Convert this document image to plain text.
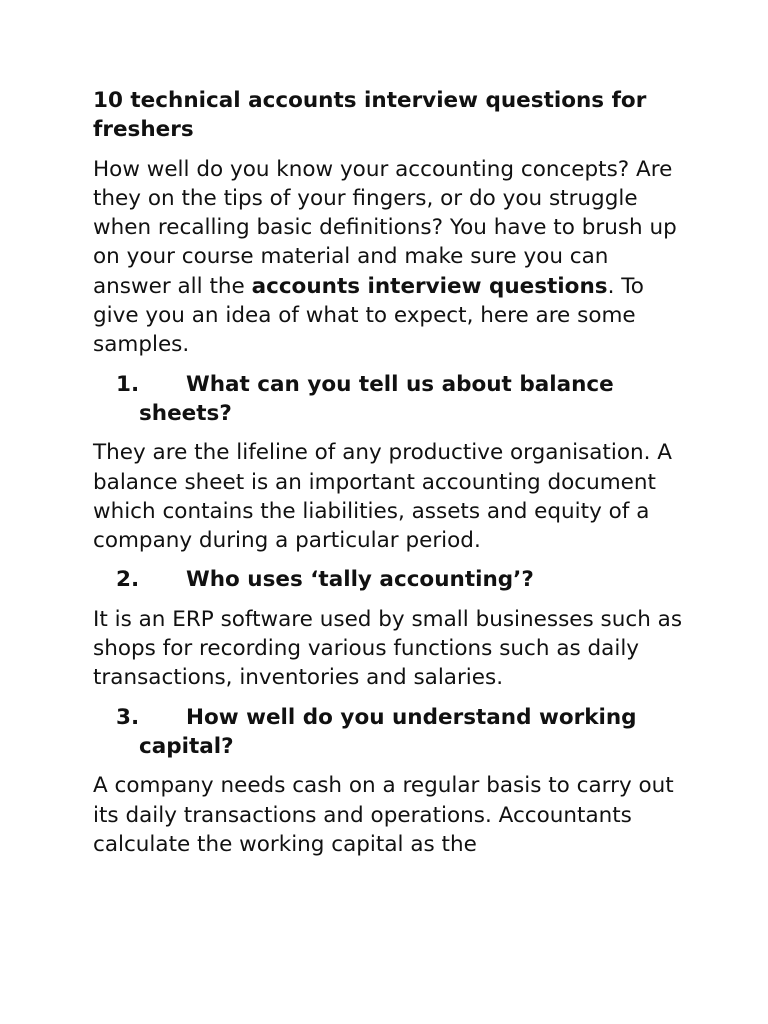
10 technical accounts interview questions for freshers

How well do you know your accounting concepts? Are they on the tips of your fingers, or do you struggle when recalling basic definitions? You have to brush up on your course material and make sure you can answer all the accounts interview questions. To give you an idea of what to expect, here are some samples.

1. What can you tell us about balance sheets?

They are the lifeline of any productive organisation. A balance sheet is an important accounting document which contains the liabilities, assets and equity of a company during a particular period.

2. Who uses ‘tally accounting’?

It is an ERP software used by small businesses such as shops for recording various functions such as daily transactions, inventories and salaries.

3. How well do you understand working capital?

A company needs cash on a regular basis to carry out its daily transactions and operations. Accountants calculate the working capital as the
